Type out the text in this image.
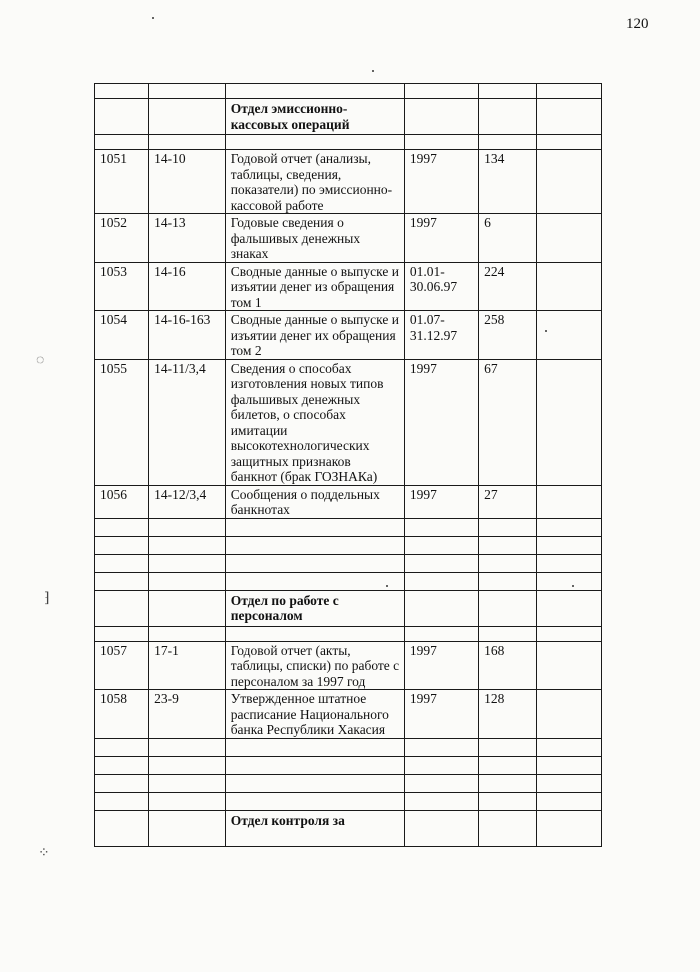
120
◌
⁆
⁘

		Отдел эмиссионно-кассовых операций			

1051	14-10	Годовой отчет (анализы, таблицы, сведения, показатели) по эмиссионно-кассовой работе	1997	134	
1052	14-13	Годовые сведения о фальшивых денежных знаках	1997	6	
1053	14-16	Сводные данные о выпуске и изъятии денег из обращения том 1	01.01-30.06.97	224	
1054	14-16-163	Сводные данные о выпуске и изъятии денег их обращения том 2	01.07-31.12.97	258	
1055	14-11/3,4	Сведения о способах изготовления новых типов фальшивых денежных билетов, о способах имитации высокотехнологических защитных признаков банкнот (брак ГОЗНАКа)	1997	67	
1056	14-12/3,4	Сообщения о поддельных банкнотах	1997	27	

		Отдел по работе с персоналом			

1057	17-1	Годовой отчет (акты, таблицы, списки) по работе с персоналом за 1997 год	1997	168	
1058	23-9	Утвержденное штатное расписание Национального банка Республики Хакасия	1997	128	

		Отдел контроля за			
